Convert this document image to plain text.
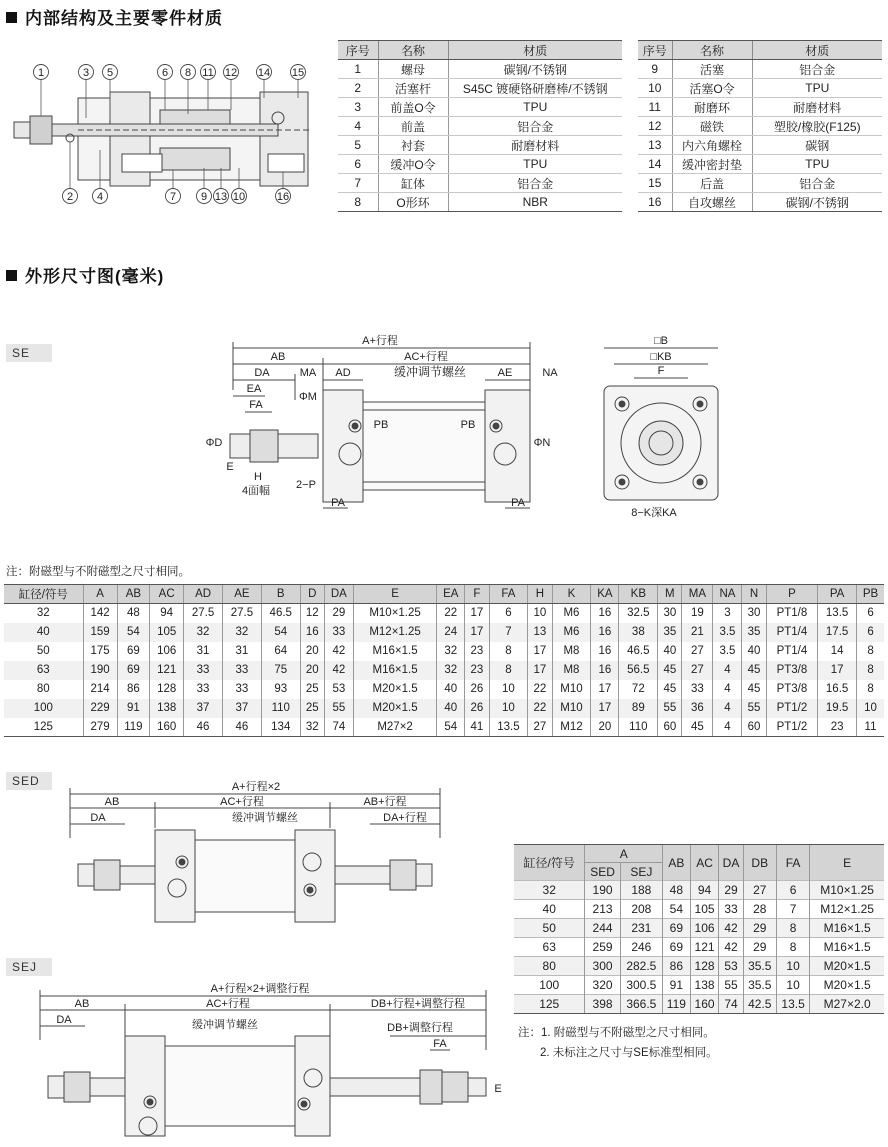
内部结构及主要零件材质
1	3 5	6 8 11 12 14 15
2 4	7 9 13 10	16
序号	名称	材质
1	螺母	碳钢/不锈钢
2	活塞杆	S45C 镀硬铬研磨棒/不锈钢
3	前盖O令	TPU
4	前盖	铝合金
5	衬套	耐磨材料
6	缓冲O令	TPU
7	缸体	铝合金
8	O形环	NBR
序号	名称	材质
9	活塞	铝合金
10	活塞O令	TPU
11	耐磨环	耐磨材料
12	磁铁	塑胶/橡胶(F125)
13	内六角螺栓	碳钢
14	缓冲密封垫	TPU
15	后盖	铝合金
16	自攻螺丝	碳钢/不锈钢
外形尺寸图(毫米)
SE
A+行程
AB	AC+行程
DA	MA AD	AE	NA
EA
FA
缓冲调节螺丝
ΦM
ΦD	ΦN
PB	PB
E
H
4面幅 2−P
PA	PA
□B
□KB
F
8−K深KA
注：附磁型与不附磁型之尺寸相同。
缸径/符号	A	AB	AC	AD	AE	B	D	DA	E	EA	F	FA	H	K	KA	KB	M	MA	NA	N	P	PA	PB
32	142	48	94	27.5	27.5	46.5	12	29	M10×1.25	22	17	6	10	M6	16	32.5	30	19	3	30	PT1/8	13.5	6
40	159	54	105	32	32	54	16	33	M12×1.25	24	17	7	13	M6	16	38	35	21	3.5	35	PT1/4	17.5	6
50	175	69	106	31	31	64	20	42	M16×1.5	32	23	8	17	M8	16	46.5	40	27	3.5	40	PT1/4	14	8
63	190	69	121	33	33	75	20	42	M16×1.5	32	23	8	17	M8	16	56.5	45	27	4	45	PT3/8	17	8
80	214	86	128	33	33	93	25	53	M20×1.5	40	26	10	22	M10	17	72	45	33	4	45	PT3/8	16.5	8
100	229	91	138	37	37	110	25	55	M20×1.5	40	26	10	22	M10	17	89	55	36	4	55	PT1/2	19.5	10
125	279	119	160	46	46	134	32	74	M27×2	54	41	13.5	27	M12	20	110	60	45	4	60	PT1/2	23	11
SED	A+行程×2
AB	AC+行程	AB+行程
DA	DA+行程
缓冲调节螺丝
SEJ
A+行程×2+调整行程
AB	AC+行程	DB+行程+调整行程
DA
DB+调整行程
缓冲调节螺丝
FA
E
缸径/符号	A		AB	AC	DA	DB	FA	E
	SED	SEJ						
32	190	188	48	94	29	27	6	M10×1.25
40	213	208	54	105	33	28	7	M12×1.25
50	244	231	69	106	42	29	8	M16×1.5
63	259	246	69	121	42	29	8	M16×1.5
80	300	282.5	86	128	53	35.5	10	M20×1.5
100	320	300.5	91	138	55	35.5	10	M20×1.5
125	398	366.5	119	160	74	42.5	13.5	M27×2.0
注：1. 附磁型与不附磁型之尺寸相同。
2. 未标注之尺寸与SE标准型相同。
